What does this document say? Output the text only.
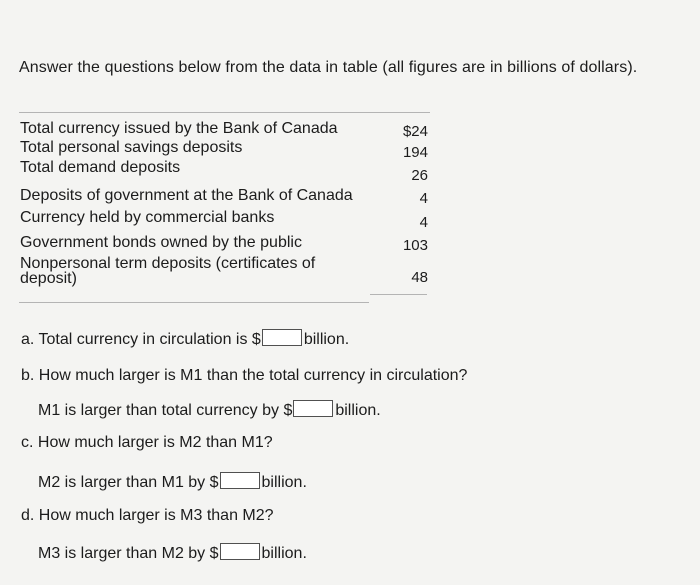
Answer the questions below from the data in table (all figures are in billions of dollars).
Total currency issued by the Bank of Canada	$24
Total personal savings deposits	194
Total demand deposits	26
Deposits of government at the Bank of Canada	4
Currency held by commercial banks	4
Government bonds owned by the public	103
Nonpersonal term deposits (certificates of
deposit)	48
a. Total currency in circulation is $	billion.
b. How much larger is M1 than the total currency in circulation?
M1 is larger than total currency by $	billion.
c. How much larger is M2 than M1?
M2 is larger than M1 by $	billion.
d. How much larger is M3 than M2?
M3 is larger than M2 by $	billion.
